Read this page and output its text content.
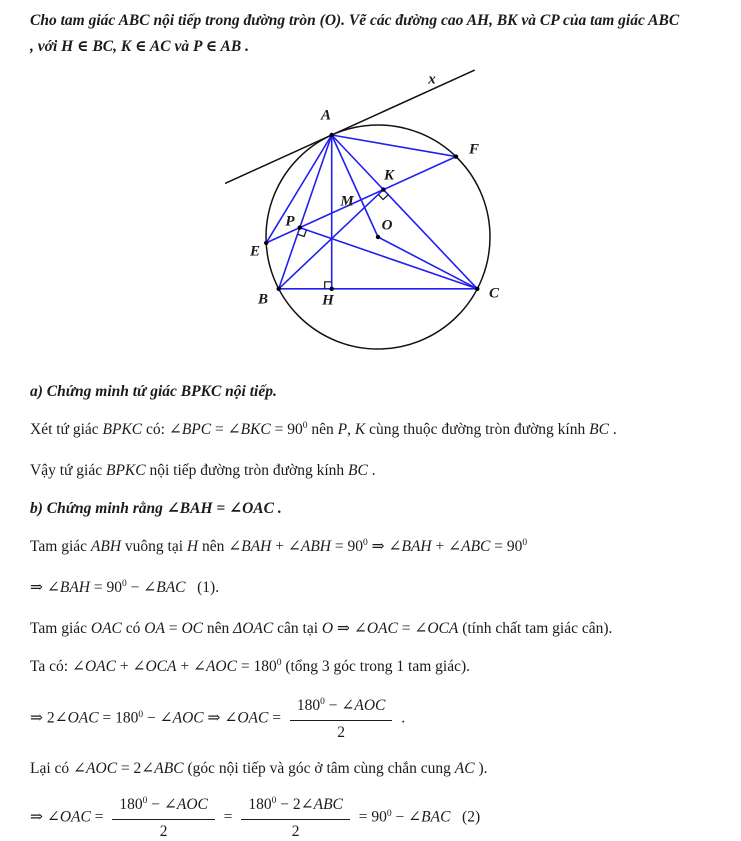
Cho tam giác ABC nội tiếp trong đường tròn (O). Vẽ các đường cao AH, BK và CP của tam giác ABC
, với H ∈ BC, K ∈ AC và P ∈ AB .
A
B	C
E
F
H
K
M
O
P
x
a) Chứng minh tứ giác BPKC nội tiếp.
Xét tứ giác BPKC có: ∠BPC = ∠BKC = $90^0$ nên P, K cùng thuộc đường tròn đường kính BC .
Vậy tứ giác BPKC nội tiếp đường tròn đường kính BC .
b) Chứng minh rằng ∠BAH = ∠OAC .
Tam giác ABH vuông tại H nên ∠BAH + ∠ABH = $90^0$ ⇒ ∠BAH + ∠ABC = $90^0$
⇒ ∠BAH = $90^0$ − ∠BAC   (1).
Tam giác OAC có OA = OC nên ΔOAC cân tại O ⇒ ∠OAC = ∠OCA (tính chất tam giác cân).
Ta có: ∠OAC + ∠OCA + ∠AOC = $180^0$ (tổng 3 góc trong 1 tam giác).
⇒ 2∠OAC = $180^0$ − ∠AOC ⇒ ∠OAC = $\frac{180^0 - \angle AOC}{2}$ .
Lại có ∠AOC = 2∠ABC (góc nội tiếp và góc ở tâm cùng chắn cung AC ).
⇒ ∠OAC = $\frac{180^0 - \angle AOC}{2} = \frac{180^0 - 2\angle ABC}{2} = 90^0$ − ∠BAC   (2)
